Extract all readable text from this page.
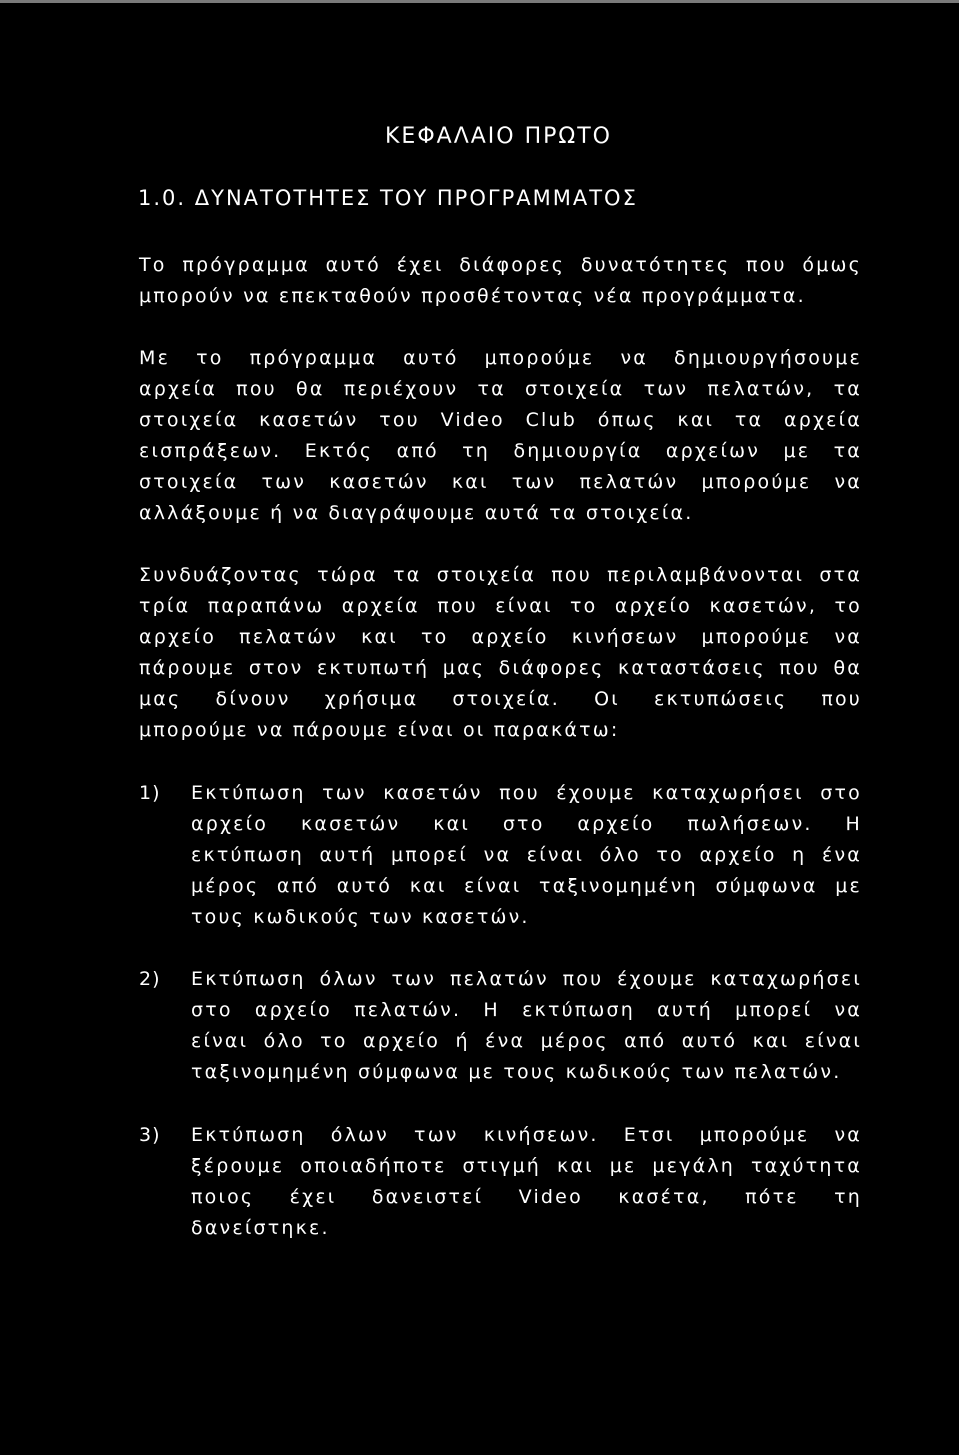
ΚΕΦΑΛΑΙΟ ΠΡΩΤΟ
1.0. ΔΥΝΑΤΟΤΗΤΕΣ ΤΟΥ ΠΡΟΓΡΑΜΜΑΤΟΣ
Το πρόγραμμα αυτό έχει διάφορες δυνατότητες που όμως
μπορούν να επεκταθούν προσθέτοντας νέα προγράμματα.
Με το πρόγραμμα αυτό μπορούμε να δημιουργήσουμε
αρχεία που θα περιέχουν τα στοιχεία των πελατών, τα
στοιχεία κασετών του Video Club όπως και τα αρχεία
εισπράξεων. Εκτός από τη δημιουργία αρχείων με τα
στοιχεία των κασετών και των πελατών μπορούμε να
αλλάξουμε ή να διαγράψουμε αυτά τα στοιχεία.
Συνδυάζοντας τώρα τα στοιχεία που περιλαμβάνονται στα
τρία παραπάνω αρχεία που είναι το αρχείο κασετών, το
αρχείο πελατών και το αρχείο κινήσεων μπορούμε να
πάρουμε στον εκτυπωτή μας διάφορες καταστάσεις που θα
μας δίνουν χρήσιμα στοιχεία. Οι εκτυπώσεις που
μπορούμε να πάρουμε είναι οι παρακάτω:
1) Εκτύπωση των κασετών που έχουμε καταχωρήσει στο
αρχείο κασετών και στο αρχείο πωλήσεων. Η
εκτύπωση αυτή μπορεί να είναι όλο το αρχείο η ένα
μέρος από αυτό και είναι ταξινομημένη σύμφωνα με
τους κωδικούς των κασετών.
2) Εκτύπωση όλων των πελατών που έχουμε καταχωρήσει
στο αρχείο πελατών. Η εκτύπωση αυτή μπορεί να
είναι όλο το αρχείο ή ένα μέρος από αυτό και είναι
ταξινομημένη σύμφωνα με τους κωδικούς των πελατών.
3) Εκτύπωση όλων των κινήσεων. Ετσι μπορούμε να
ξέρουμε οποιαδήποτε στιγμή και με μεγάλη ταχύτητα
ποιος έχει δανειστεί Video κασέτα, πότε τη
δανείστηκε.
